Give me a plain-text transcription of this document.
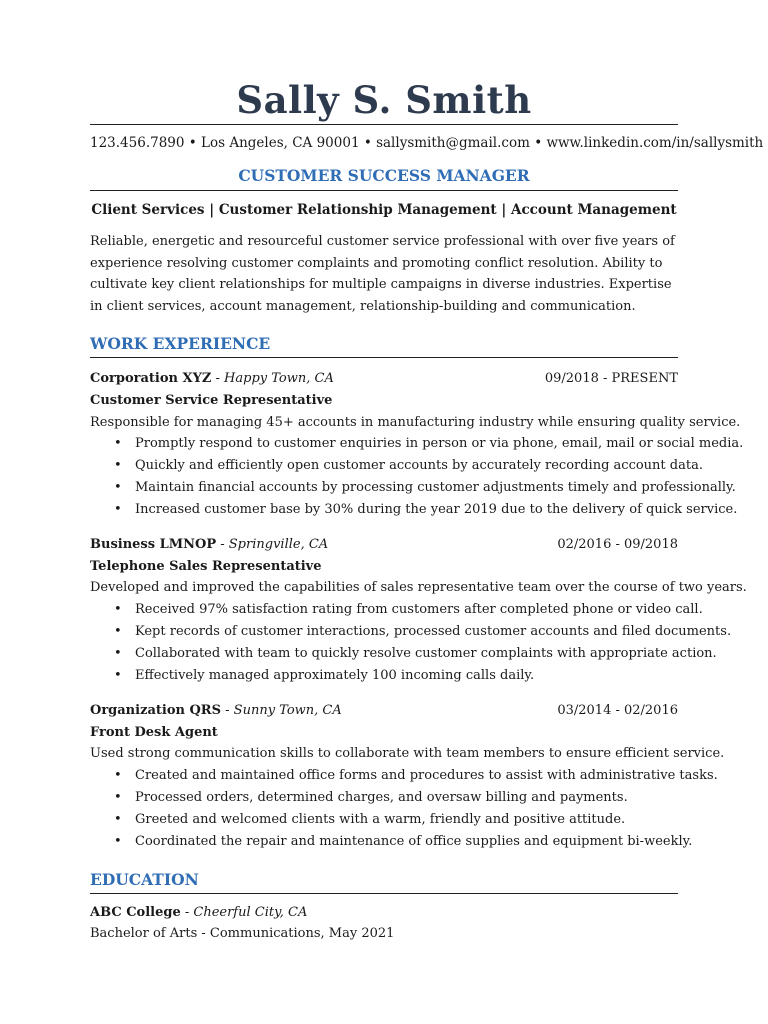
Sally S. Smith
123.456.7890 • Los Angeles, CA 90001 • sallysmith@gmail.com • www.linkedin.com/in/sallysmith
CUSTOMER SUCCESS MANAGER
Client Services | Customer Relationship Management | Account Management
Reliable, energetic and resourceful customer service professional with over five years of experience resolving customer complaints and promoting conflict resolution. Ability to cultivate key client relationships for multiple campaigns in diverse industries. Expertise in client services, account management, relationship-building and communication.
WORK EXPERIENCE
Corporation XYZ - Happy Town, CA	09/2018 - PRESENT
Customer Service Representative
Responsible for managing 45+ accounts in manufacturing industry while ensuring quality service.
• Promptly respond to customer enquiries in person or via phone, email, mail or social media.
• Quickly and efficiently open customer accounts by accurately recording account data.
• Maintain financial accounts by processing customer adjustments timely and professionally.
• Increased customer base by 30% during the year 2019 due to the delivery of quick service.
Business LMNOP - Springville, CA	02/2016 - 09/2018
Telephone Sales Representative
Developed and improved the capabilities of sales representative team over the course of two years.
• Received 97% satisfaction rating from customers after completed phone or video call.
• Kept records of customer interactions, processed customer accounts and filed documents.
• Collaborated with team to quickly resolve customer complaints with appropriate action.
• Effectively managed approximately 100 incoming calls daily.
Organization QRS - Sunny Town, CA	03/2014 - 02/2016
Front Desk Agent
Used strong communication skills to collaborate with team members to ensure efficient service.
• Created and maintained office forms and procedures to assist with administrative tasks.
• Processed orders, determined charges, and oversaw billing and payments.
• Greeted and welcomed clients with a warm, friendly and positive attitude.
• Coordinated the repair and maintenance of office supplies and equipment bi-weekly.
EDUCATION
ABC College - Cheerful City, CA
Bachelor of Arts - Communications, May 2021
